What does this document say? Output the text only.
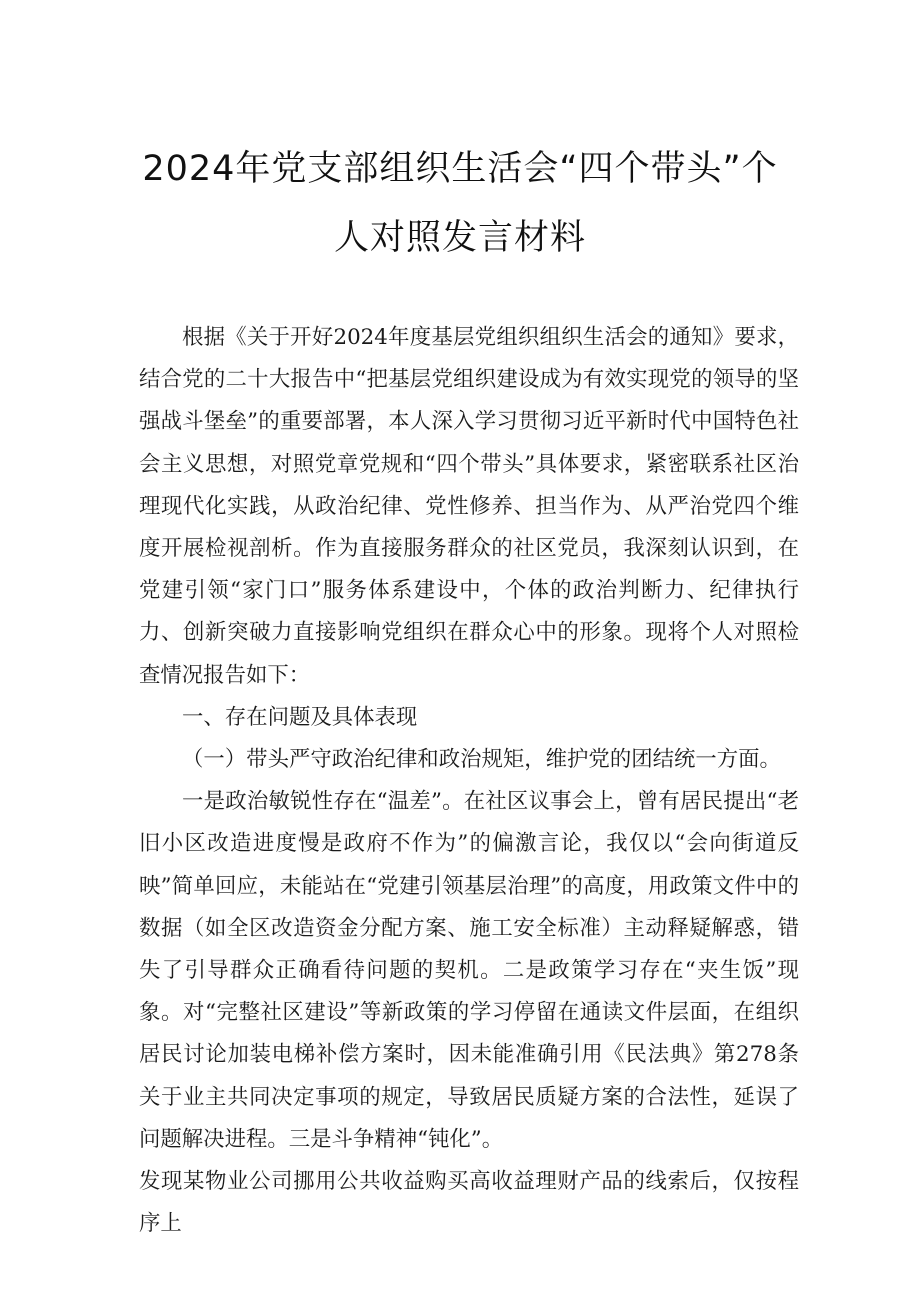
2024年党支部组织生活会“四个带头”个
人对照发言材料

根据《关于开好2024年度基层党组织组织生活会的通知》要求，结合党的二十大报告中“把基层党组织建设成为有效实现党的领导的坚强战斗堡垒”的重要部署，本人深入学习贯彻习近平新时代中国特色社会主义思想，对照党章党规和“四个带头”具体要求，紧密联系社区治理现代化实践，从政治纪律、党性修养、担当作为、从严治党四个维度开展检视剖析。作为直接服务群众的社区党员，我深刻认识到，在党建引领“家门口”服务体系建设中，个体的政治判断力、纪律执行力、创新突破力直接影响党组织在群众心中的形象。现将个人对照检查情况报告如下：

一、存在问题及具体表现

（一）带头严守政治纪律和政治规矩，维护党的团结统一方面。

一是政治敏锐性存在“温差”。在社区议事会上，曾有居民提出“老旧小区改造进度慢是政府不作为”的偏激言论，我仅以“会向街道反映”简单回应，未能站在“党建引领基层治理”的高度，用政策文件中的数据（如全区改造资金分配方案、施工安全标准）主动释疑解惑，错失了引导群众正确看待问题的契机。二是政策学习存在“夹生饭”现象。对“完整社区建设”等新政策的学习停留在通读文件层面，在组织居民讨论加装电梯补偿方案时，因未能准确引用《民法典》第278条关于业主共同决定事项的规定，导致居民质疑方案的合法性，延误了问题解决进程。三是斗争精神“钝化”。

发现某物业公司挪用公共收益购买高收益理财产品的线索后，仅按程序上
